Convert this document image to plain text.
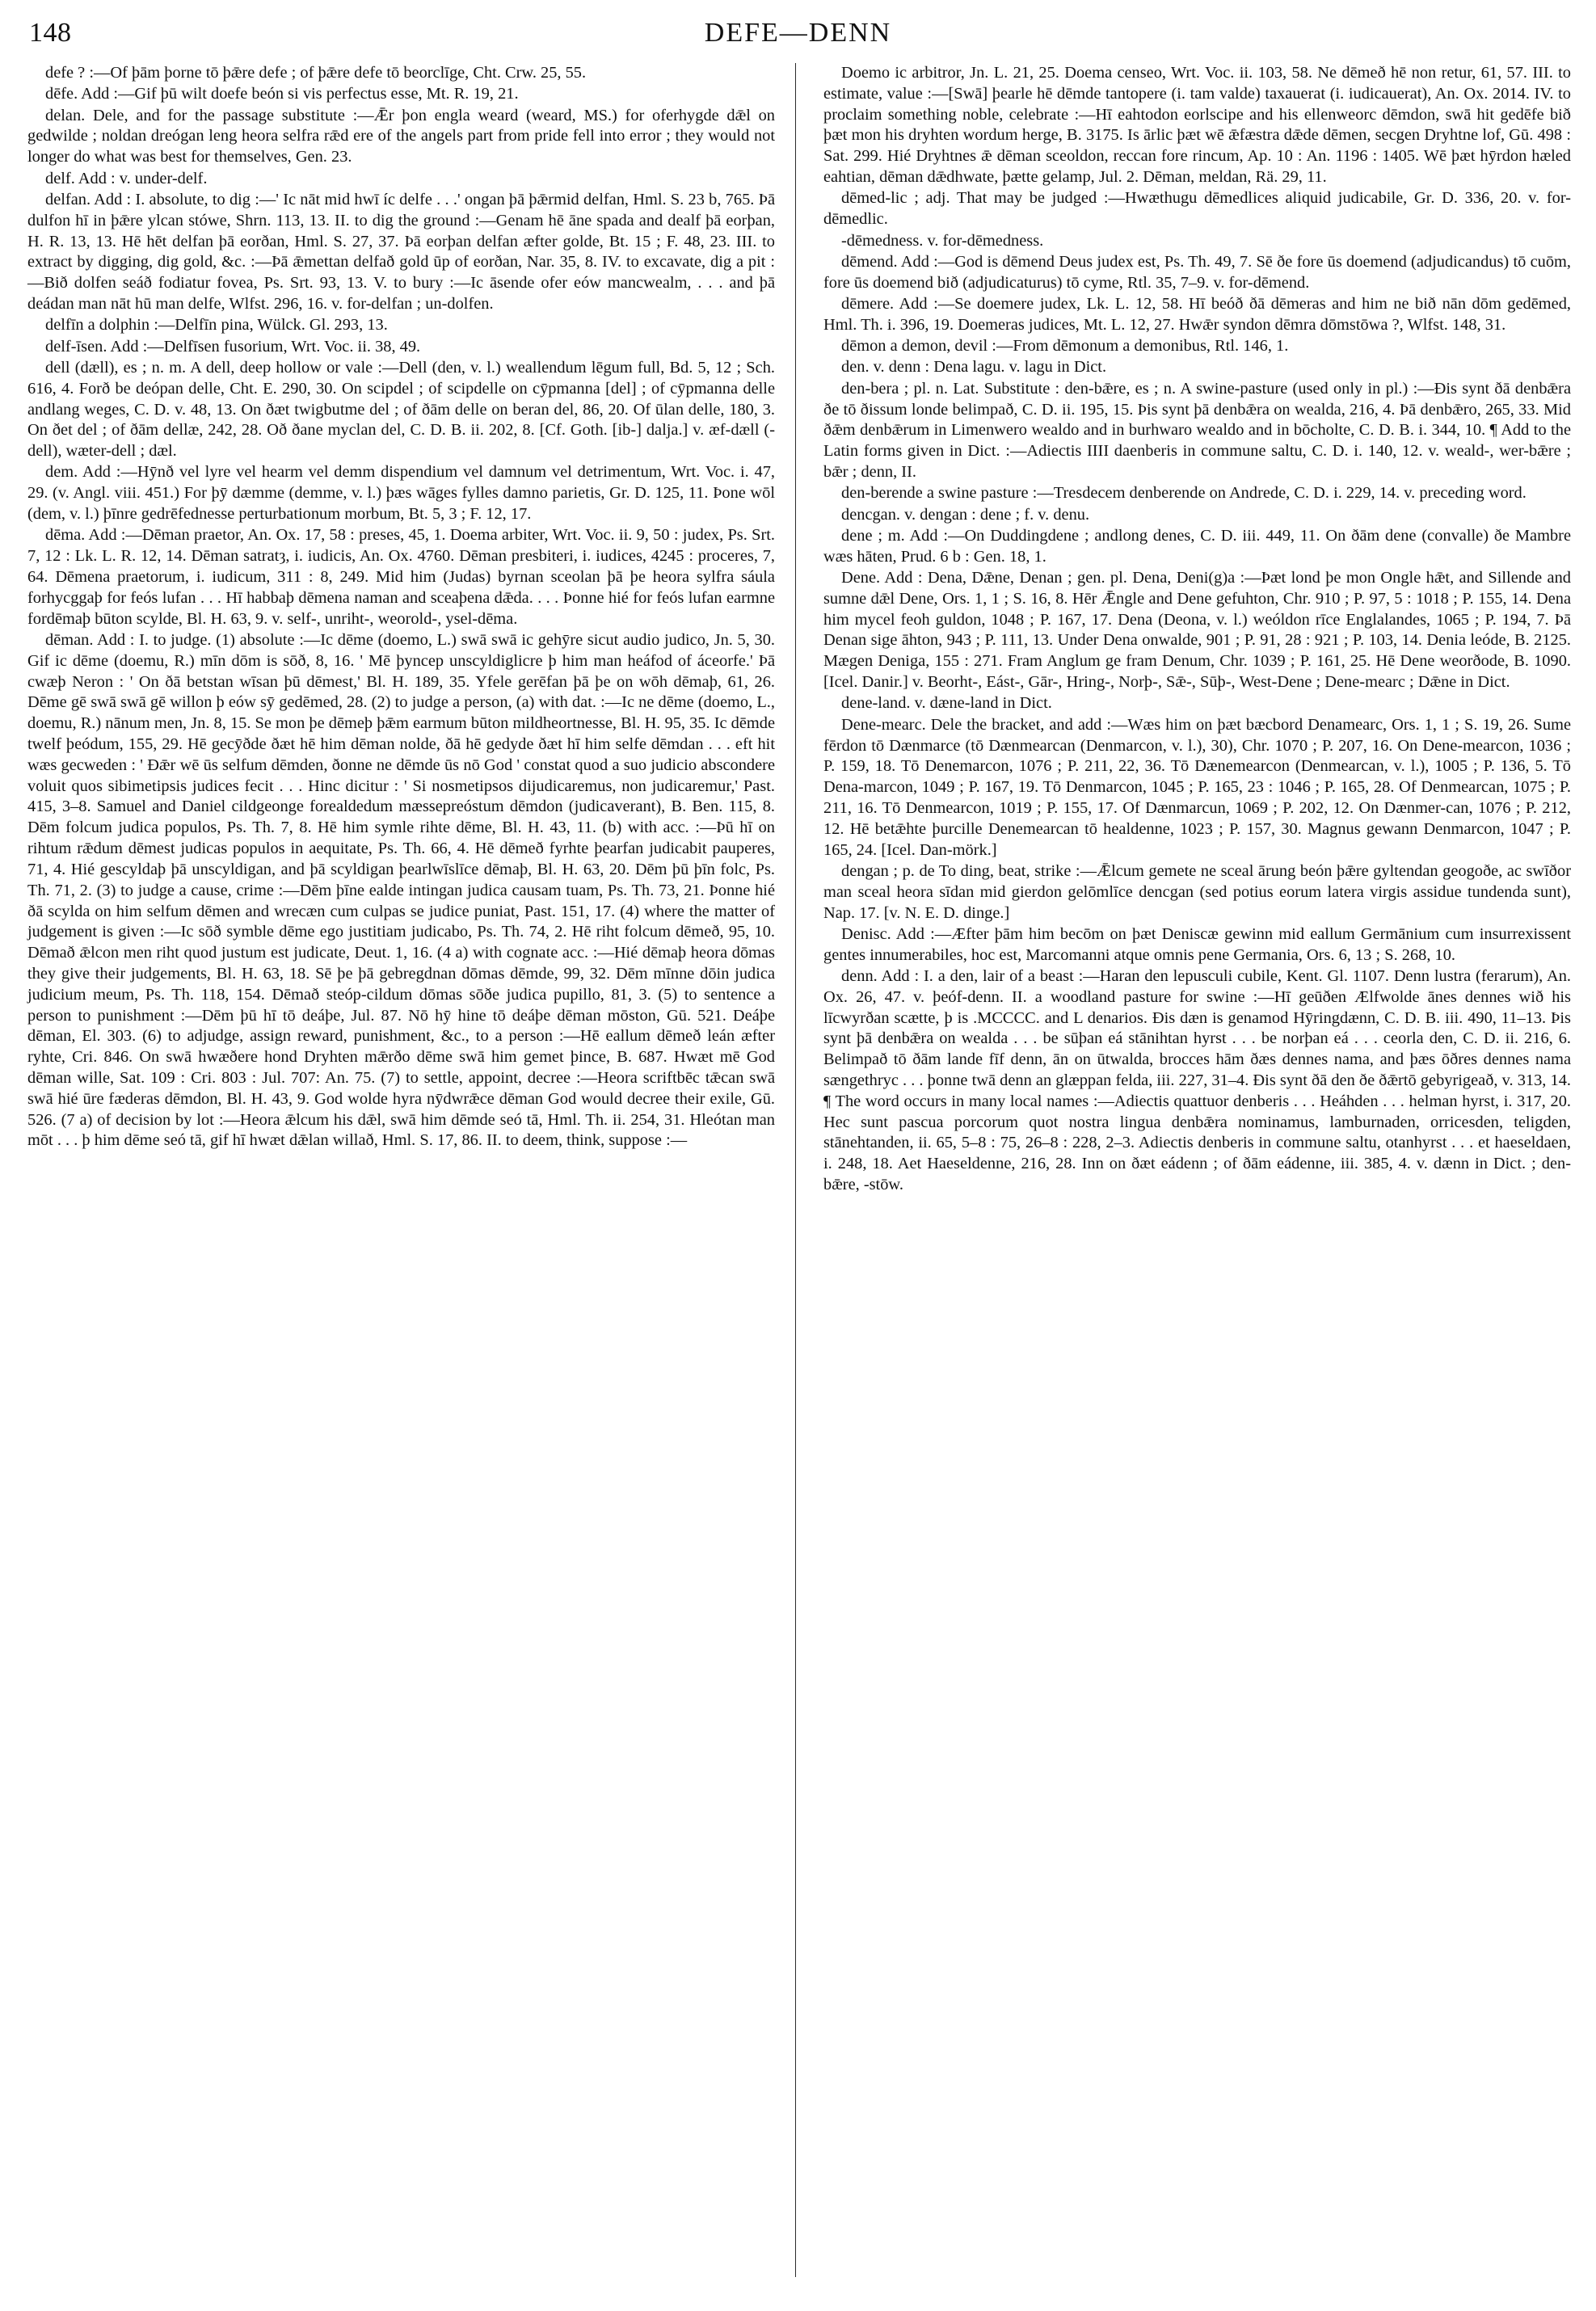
148	DEFE—DENN

defe ? :—Of þām þorne tō þǣre defe ; of þǣre defe tō beorclīge, Cht. Crw. 25, 55.

dēfe. Add :—Gif þū wilt doefe beón si vis perfectus esse, Mt. R. 19, 21.

delan. Dele, and for the passage substitute :—Ǣr þon engla weard (weard, MS.) for oferhygde dǣl on gedwilde ; noldan dreógan leng heora selfra rǣd ere of the angels part from pride fell into error ; they would not longer do what was best for themselves, Gen. 23.

delf. Add : v. under-delf.

delfan. Add : I. absolute, to dig :—' Ic nāt mid hwī íc delfe . . .' ongan þā þǣrmid delfan, Hml. S. 23 b, 765. Þā dulfon hī in þǣre ylcan stówe, Shrn. 113, 13. II. to dig the ground :—Genam hē āne spada and dealf þā eorþan, H. R. 13, 13. Hē hēt delfan þā eorðan, Hml. S. 27, 37. Þā eorþan delfan æfter golde, Bt. 15 ; F. 48, 23. III. to extract by digging, dig gold, &c. :—Þā ǣmettan delfað gold ūp of eorðan, Nar. 35, 8. IV. to excavate, dig a pit :—Bið dolfen seáð fodiatur fovea, Ps. Srt. 93, 13. V. to bury :—Ic āsende ofer eów mancwealm, . . . and þā deádan man nāt hū man delfe, Wlfst. 296, 16. v. for-delfan ; un-dolfen.

delfīn a dolphin :—Delfīn pina, Wülck. Gl. 293, 13.

delf-īsen. Add :—Delfīsen fusorium, Wrt. Voc. ii. 38, 49.

dell (dæll), es ; n. m. A dell, deep hollow or vale :—Dell (den, v. l.) weallendum lēgum full, Bd. 5, 12 ; Sch. 616, 4. Forð be deópan delle, Cht. E. 290, 30. On scipdel ; of scipdelle on cȳpmanna [del] ; of cȳpmanna delle andlang weges, C. D. v. 48, 13. On ðæt twigbutme del ; of ðām delle on beran del, 86, 20. Of ūlan delle, 180, 3. On ðet del ; of ðām dellæ, 242, 28. Oð ðane myclan del, C. D. B. ii. 202, 8. [Cf. Goth. [ib-] dalja.] v. æf-dæll (-dell), wæter-dell ; dæl.

dem. Add :—Hȳnð vel lyre vel hearm vel demm dispendium vel damnum vel detrimentum, Wrt. Voc. i. 47, 29. (v. Angl. viii. 451.) For þȳ dæmme (demme, v. l.) þæs wāges fylles damno parietis, Gr. D. 125, 11. Þone wōl (dem, v. l.) þīnre gedrēfednesse perturbationum morbum, Bt. 5, 3 ; F. 12, 17.

dēma. Add :—Dēman praetor, An. Ox. 17, 58 : preses, 45, 1. Doema arbiter, Wrt. Voc. ii. 9, 50 : judex, Ps. Srt. 7, 12 : Lk. L. R. 12, 14. Dēman satratȝ, i. iudicis, An. Ox. 4760. Dēman presbiteri, i. iudices, 4245 : proceres, 7, 64. Dēmena praetorum, i. iudicum, 311 : 8, 249. Mid him (Judas) byrnan sceolan þā þe heora sylfra sáula forhycggaþ for feós lufan . . . Hī habbaþ dēmena naman and sceaþena dǣda. . . . Þonne hié for feós lufan earmne fordēmaþ būton scylde, Bl. H. 63, 9. v. self-, unriht-, weorold-, ysel-dēma.

dēman. Add : I. to judge. (1) absolute :—Ic dēme (doemo, L.) swā swā ic gehȳre sicut audio judico, Jn. 5, 30. Gif ic dēme (doemu, R.) mīn dōm is sōð, 8, 16. ' Mē þyncep unscyldiglicre þ him man heáfod of áceorfe.' Þā cwæþ Neron : ' On ðā betstan wīsan þū dēmest,' Bl. H. 189, 35. Yfele gerēfan þā þe on wōh dēmaþ, 61, 26. Dēme gē swā swā gē willon þ eów sȳ gedēmed, 28. (2) to judge a person, (a) with dat. :—Ic ne dēme (doemo, L., doemu, R.) nānum men, Jn. 8, 15. Se mon þe dēmeþ þǣm earmum būton mildheortnesse, Bl. H. 95, 35. Ic dēmde twelf þeódum, 155, 29. Hē gecȳðde ðæt hē him dēman nolde, ðā hē gedyde ðæt hī him selfe dēmdan . . . eft hit wæs gecweden : ' Ðǣr wē ūs selfum dēmden, ðonne ne dēmde ūs nō God ' constat quod a suo judicio abscondere voluit quos sibimetipsis judices fecit . . . Hinc dicitur : ' Si nosmetipsos dijudicaremus, non judicaremur,' Past. 415, 3–8. Samuel and Daniel cildgeonge forealdedum mæssepreóstum dēmdon (judicaverant), B. Ben. 115, 8. Dēm folcum judica populos, Ps. Th. 7, 8. Hē him symle rihte dēme, Bl. H. 43, 11. (b) with acc. :—Þū hī on rihtum rǣdum dēmest judicas populos in aequitate, Ps. Th. 66, 4. Hē dēmeð fyrhte þearfan judicabit pauperes, 71, 4. Hié gescyldaþ þā unscyldigan, and þā scyldigan þearlwīslīce dēmaþ, Bl. H. 63, 20. Dēm þū þīn folc, Ps. Th. 71, 2. (3) to judge a cause, crime :—Dēm þīne ealde intingan judica causam tuam, Ps. Th. 73, 21. Þonne hié ðā scylda on him selfum dēmen and wrecæn cum culpas se judice puniat, Past. 151, 17. (4) where the matter of judgement is given :—Ic sōð symble dēme ego justitiam judicabo, Ps. Th. 74, 2. Hē riht folcum dēmeð, 95, 10. Dēmað ǣlcon men riht quod justum est judicate, Deut. 1, 16. (4 a) with cognate acc. :—Hié dēmaþ heora dōmas they give their judgements, Bl. H. 63, 18. Sē þe þā gebregdnan dōmas dēmde, 99, 32. Dēm mīnne dōin judica judicium meum, Ps. Th. 118, 154. Dēmað steóp-cildum dōmas sōðe judica pupillo, 81, 3. (5) to sentence a person to punishment :—Dēm þū hī tō deáþe, Jul. 87. Nō hȳ hine tō deáþe dēman mōston, Gū. 521. Deáþe dēman, El. 303. (6) to adjudge, assign reward, punishment, &c., to a person :—Hē eallum dēmeð leán æfter ryhte, Cri. 846. On swā hwæðere hond Dryhten mǣrðo dēme swā him gemet þince, B. 687. Hwæt mē God dēman wille, Sat. 109 : Cri. 803 : Jul. 707: An. 75. (7) to settle, appoint, decree :—Heora scriftbēc tǣcan swā swā hié ūre fæderas dēmdon, Bl. H. 43, 9. God wolde hyra nȳdwrǣce dēman God would decree their exile, Gū. 526. (7 a) of decision by lot :—Heora ǣlcum his dǣl, swā him dēmde seó tā, Hml. Th. ii. 254, 31. Hleótan man mōt . . . þ him dēme seó tā, gif hī hwæt dǣlan willað, Hml. S. 17, 86. II. to deem, think, suppose :—

Doemo ic arbitror, Jn. L. 21, 25. Doema censeo, Wrt. Voc. ii. 103, 58. Ne dēmeð hē non retur, 61, 57. III. to estimate, value :—[Swā] þearle hē dēmde tantopere (i. tam valde) taxauerat (i. iudicauerat), An. Ox. 2014. IV. to proclaim something noble, celebrate :—Hī eahtodon eorlscipe and his ellenweorc dēmdon, swā hit gedēfe bið þæt mon his dryhten wordum herge, B. 3175. Is ārlic þæt wē ǣfæstra dǣde dēmen, secgen Dryhtne lof, Gū. 498 : Sat. 299. Hié Dryhtnes ǣ dēman sceoldon, reccan fore rincum, Ap. 10 : An. 1196 : 1405. Wē þæt hȳrdon hæled eahtian, dēman dǣdhwate, þætte gelamp, Jul. 2. Dēman, meldan, Rä. 29, 11.

dēmed-lic ; adj. That may be judged :—Hwæthugu dēmedlices aliquid judicabile, Gr. D. 336, 20. v. for-dēmedlic.

-dēmedness. v. for-dēmedness.

dēmend. Add :—God is dēmend Deus judex est, Ps. Th. 49, 7. Sē ðe fore ūs doemend (adjudicandus) tō cuōm, fore ūs doemend bið (adjudicaturus) tō cyme, Rtl. 35, 7–9. v. for-dēmend.

dēmere. Add :—Se doemere judex, Lk. L. 12, 58. Hī beóð ðā dēmeras and him ne bið nān dōm gedēmed, Hml. Th. i. 396, 19. Doemeras judices, Mt. L. 12, 27. Hwǣr syndon dēmra dōmstōwa ?, Wlfst. 148, 31.

dēmon a demon, devil :—From dēmonum a demonibus, Rtl. 146, 1.

den. v. denn : Dena lagu. v. lagu in Dict.

den-bera ; pl. n. Lat. Substitute : den-bǣre, es ; n. A swine-pasture (used only in pl.) :—Ðis synt ðā denbǣra ðe tō ðissum londe belimpað, C. D. ii. 195, 15. Þis synt þā denbǣra on wealda, 216, 4. Þā denbǣro, 265, 33. Mid ðǣm denbǣrum in Limenwero wealdo and in burhwaro wealdo and in bōcholte, C. D. B. i. 344, 10. ¶ Add to the Latin forms given in Dict. :—Adiectis IIII daenberis in commune saltu, C. D. i. 140, 12. v. weald-, wer-bǣre ; bǣr ; denn, II.

den-berende a swine pasture :—Tresdecem denberende on Andrede, C. D. i. 229, 14. v. preceding word.

dencgan. v. dengan : dene ; f. v. denu.

dene ; m. Add :—On Duddingdene ; andlong denes, C. D. iii. 449, 11. On ðām dene (convalle) ðe Mambre wæs hāten, Prud. 6 b : Gen. 18, 1.

Dene. Add : Dena, Dǣne, Denan ; gen. pl. Dena, Deni(g)a :—Þæt lond þe mon Ongle hǣt, and Sillende and sumne dǣl Dene, Ors. 1, 1 ; S. 16, 8. Hēr Ǣngle and Dene gefuhton, Chr. 910 ; P. 97, 5 : 1018 ; P. 155, 14. Dena him mycel feoh guldon, 1048 ; P. 167, 17. Dena (Deona, v. l.) weóldon rīce Englalandes, 1065 ; P. 194, 7. Þā Denan sige āhton, 943 ; P. 111, 13. Under Dena onwalde, 901 ; P. 91, 28 : 921 ; P. 103, 14. Denia leóde, B. 2125. Mægen Deniga, 155 : 271. Fram Anglum ge fram Denum, Chr. 1039 ; P. 161, 25. Hē Dene weorðode, B. 1090. [Icel. Danir.] v. Beorht-, Eást-, Gār-, Hring-, Norþ-, Sǣ-, Sūþ-, West-Dene ; Dene-mearc ; Dǣne in Dict.

dene-land. v. dæne-land in Dict.

Dene-mearc. Dele the bracket, and add :—Wæs him on þæt bæcbord Denamearc, Ors. 1, 1 ; S. 19, 26. Sume fērdon tō Dænmarce (tō Dænmearcan (Denmarcon, v. l.), 30), Chr. 1070 ; P. 207, 16. On Dene-mearcon, 1036 ; P. 159, 18. Tō Denemarcon, 1076 ; P. 211, 22, 36. Tō Dænemearcon (Denmearcan, v. l.), 1005 ; P. 136, 5. Tō Dena-marcon, 1049 ; P. 167, 19. Tō Denmarcon, 1045 ; P. 165, 23 : 1046 ; P. 165, 28. Of Denmearcan, 1075 ; P. 211, 16. Tō Denmearcon, 1019 ; P. 155, 17. Of Dænmarcun, 1069 ; P. 202, 12. On Dænmer-can, 1076 ; P. 212, 12. Hē betǣhte þurcille Denemearcan tō healdenne, 1023 ; P. 157, 30. Magnus gewann Denmarcon, 1047 ; P. 165, 24. [Icel. Dan-mörk.]

dengan ; p. de To ding, beat, strike :—Ǣlcum gemete ne sceal ārung beón þǣre gyltendan geogoðe, ac swīðor man sceal heora sīdan mid gierdon gelōmlīce dencgan (sed potius eorum latera virgis assidue tundenda sunt), Nap. 17. [v. N. E. D. dinge.]

Denisc. Add :—Æfter þām him becōm on þæt Deniscæ gewinn mid eallum Germānium cum insurrexissent gentes innumerabiles, hoc est, Marcomanni atque omnis pene Germania, Ors. 6, 13 ; S. 268, 10.

denn. Add : I. a den, lair of a beast :—Haran den lepusculi cubile, Kent. Gl. 1107. Denn lustra (ferarum), An. Ox. 26, 47. v. þeóf-denn. II. a woodland pasture for swine :—Hī geūðen Ælfwolde ānes dennes wið his līcwyrðan scætte, þ is .MCCCC. and L denarios. Ðis dæn is genamod Hȳringdænn, C. D. B. iii. 490, 11–13. Þis synt þā denbǣra on wealda . . . be sūþan eá stānihtan hyrst . . . be norþan eá . . . ceorla den, C. D. ii. 216, 6. Belimpað tō ðām lande fīf denn, ān on ūtwalda, brocces hām ðæs dennes nama, and þæs ōðres dennes nama sængethryc . . . þonne twā denn an glæppan felda, iii. 227, 31–4. Ðis synt ðā den ðe ðǣrtō gebyrigeað, v. 313, 14. ¶ The word occurs in many local names :—Adiectis quattuor denberis . . . Heáhden . . . helman hyrst, i. 317, 20. Hec sunt pascua porcorum quot nostra lingua denbǣra nominamus, lamburnaden, orricesden, teligden, stānehtanden, ii. 65, 5–8 : 75, 26–8 : 228, 2–3. Adiectis denberis in commune saltu, otanhyrst . . . et haeseldaen, i. 248, 18. Aet Haeseldenne, 216, 28. Inn on ðæt eádenn ; of ðām eádenne, iii. 385, 4. v. dænn in Dict. ; den-bǣre, -stōw.
